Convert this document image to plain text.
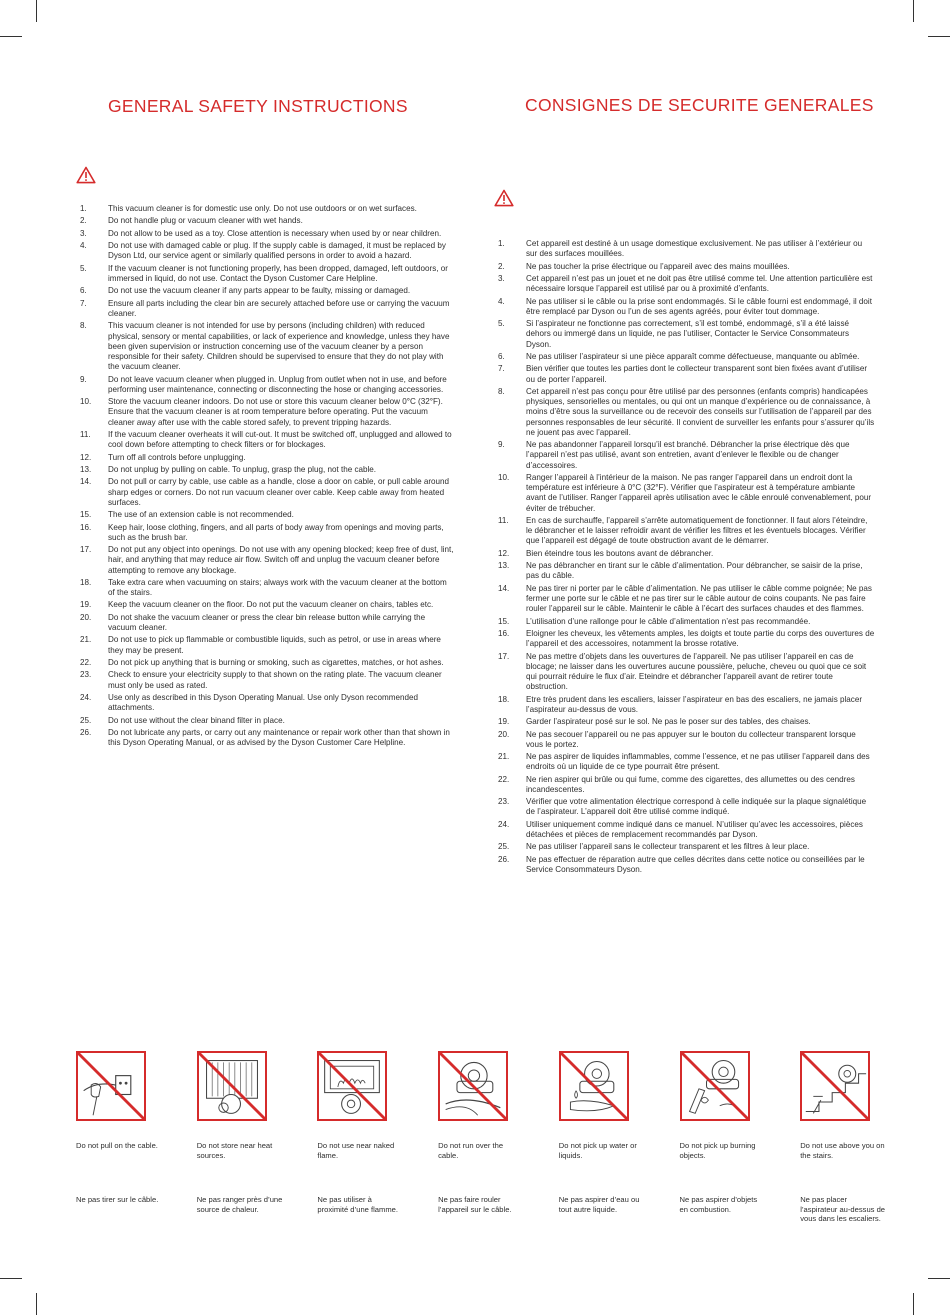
GENERAL SAFETY INSTRUCTIONS	CONSIGNES DE SECURITE GENERALES
1.	This vacuum cleaner is for domestic use only. Do not use outdoors or on wet surfaces.
2.	Do not handle plug or vacuum cleaner with wet hands.
3.	Do not allow to be used as a toy. Close attention is necessary when used by or near children.
4.	Do not use with damaged cable or plug. If the supply cable is damaged, it must be replaced by Dyson Ltd, our service agent or similarly qualified persons in order to avoid a hazard.
5.	If the vacuum cleaner is not functioning properly, has been dropped, damaged, left outdoors, or immersed in liquid, do not use. Contact the Dyson Customer Care Helpline.
6.	Do not use the vacuum cleaner if any parts appear to be faulty, missing or damaged.
7.	Ensure all parts including the clear bin are securely attached before use or carrying the vacuum cleaner.
8.	This vacuum cleaner is not intended for use by persons (including children) with reduced physical, sensory or mental capabilities, or lack of experience and knowledge, unless they have been given supervision or instruction concerning use of the vacuum cleaner by a person responsible for their safety. Children should be supervised to ensure that they do not play with the vacuum cleaner.
9.	Do not leave vacuum cleaner when plugged in. Unplug from outlet when not in use, and before performing user maintenance, connecting or disconnecting the hose or changing accessories.
10.	Store the vacuum cleaner indoors. Do not use or store this vacuum cleaner below 0°C (32°F). Ensure that the vacuum cleaner is at room temperature before operating. Put the vacuum cleaner away after use with the cable stored safely, to prevent tripping hazards.
11.	If the vacuum cleaner overheats it will cut-out. It must be switched off, unplugged and allowed to cool down before attempting to check filters or for blockages.
12.	Turn off all controls before unplugging.
13.	Do not unplug by pulling on cable. To unplug, grasp the plug, not the cable.
14.	Do not pull or carry by cable, use cable as a handle, close a door on cable, or pull cable around sharp edges or corners. Do not run vacuum cleaner over cable. Keep cable away from heated surfaces.
15.	The use of an extension cable is not recommended.
16.	Keep hair, loose clothing, fingers, and all parts of body away from openings and moving parts, such as the brush bar.
17.	Do not put any object into openings. Do not use with any opening blocked; keep free of dust, lint, hair, and anything that may reduce air flow. Switch off and unplug the vacuum cleaner before attempting to remove any blockage.
18.	Take extra care when vacuuming on stairs; always work with the vacuum cleaner at the bottom of the stairs.
19.	Keep the vacuum cleaner on the floor. Do not put the vacuum cleaner on chairs, tables etc.
20.	Do not shake the vacuum cleaner or press the clear bin release button while carrying the vacuum cleaner.
21.	Do not use to pick up flammable or combustible liquids, such as petrol, or use in areas where they may be present.
22.	Do not pick up anything that is burning or smoking, such as cigarettes, matches, or hot ashes.
23.	Check to ensure your electricity supply to that shown on the rating plate. The vacuum cleaner must only be used as rated.
24.	Use only as described in this Dyson Operating Manual. Use only Dyson recommended attachments.
25.	Do not use without the clear binand filter in place.
26.	Do not lubricate any parts, or carry out any maintenance or repair work other than that shown in this Dyson Operating Manual, or as advised by the Dyson Customer Care Helpline.
1.	Cet appareil est destiné à un usage domestique exclusivement. Ne pas utiliser à l’extérieur ou sur des surfaces mouillées.
2.	Ne pas toucher la prise électrique ou l’appareil avec des mains mouillées.
3.	Cet appareil n’est pas un jouet et ne doit pas être utilisé comme tel. Une attention particulière est nécessaire lorsque l’appareil est utilisé par ou à proximité d’enfants.
4.	Ne pas utiliser si le câble ou la prise sont endommagés. Si le câble fourni est endommagé, il doit être remplacé par Dyson ou l’un de ses agents agréés, pour éviter tout dommage.
5.	Si l’aspirateur ne fonctionne pas correctement, s’il est tombé, endommagé, s’il a été laissé dehors ou immergé dans un liquide, ne pas l’utiliser, Contacter le Service Consommateurs Dyson.
6.	Ne pas utiliser l’aspirateur si une pièce apparaît comme défectueuse, manquante ou abîmée.
7.	Bien vérifier que toutes les parties dont le collecteur transparent sont bien fixées avant d’utiliser ou de porter l’appareil.
8.	Cet appareil n’est pas conçu pour être utilisé par des personnes (enfants compris) handicapées physiques, sensorielles ou mentales, ou qui ont un manque d’expérience ou de connaissance, à moins d’être sous la surveillance ou de recevoir des conseils sur l’utilisation de l’appareil par des personnes responsables de leur sécurité. Il convient de surveiller les enfants pour s’assurer qu’ils ne jouent pas avec l’appareil.
9.	Ne pas abandonner l’appareil lorsqu’il est branché. Débrancher la prise électrique dès que l’appareil n’est pas utilisé, avant son entretien, avant d’enlever le flexible ou de changer d’accessoires.
10.	Ranger l’appareil à l’intérieur de la maison. Ne pas ranger l’appareil dans un endroit dont la température est inférieure à 0°C (32°F). Vérifier que l’aspirateur est à température ambiante avant de l’utiliser. Ranger l’appareil après utilisation avec le câble enroulé convenablement, pour éviter de trébucher.
11.	En cas de surchauffe, l’appareil s’arrête automatiquement de fonctionner. Il faut alors l’éteindre, le débrancher et le laisser refroidir avant de vérifier les filtres et les éventuels blocages. Vérifier que l’appareil est dégagé de toute obstruction avant de le démarrer.
12.	Bien éteindre tous les boutons avant de débrancher.
13.	Ne pas débrancher en tirant sur le câble d’alimentation. Pour débrancher, se saisir de la prise, pas du câble.
14.	Ne pas tirer ni porter par le câble d’alimentation. Ne pas utiliser le câble comme poignée; Ne pas fermer une porte sur le câble et ne pas tirer sur le câble autour de coins coupants. Ne pas faire rouler l’appareil sur le câble. Maintenir le câble à l’écart des surfaces chaudes et des flammes.
15.	L’utilisation d’une rallonge pour le câble d’alimentation n’est pas recommandée.
16.	Eloigner les cheveux, les vêtements amples, les doigts et toute partie du corps des ouvertures de l’appareil et des accessoires, notamment la brosse rotative.
17.	Ne pas mettre d’objets dans les ouvertures de l’appareil. Ne pas utiliser l’appareil en cas de blocage; ne laisser dans les ouvertures aucune poussière, peluche, cheveu ou quoi que ce soit qui pourrait réduire le flux d’air. Eteindre et débrancher l’appareil avant de retirer toute obstruction.
18.	Etre très prudent dans les escaliers, laisser l’aspirateur en bas des escaliers, ne jamais placer l’aspirateur au-dessus de vous.
19.	Garder l’aspirateur posé sur le sol. Ne pas le poser sur des tables, des chaises.
20.	Ne pas secouer l’appareil ou ne pas appuyer sur le bouton du collecteur transparent lorsque vous le portez.
21.	Ne pas aspirer de liquides inflammables, comme l’essence, et ne pas utiliser l’appareil dans des endroits où un liquide de ce type pourrait être présent.
22.	Ne rien aspirer qui brûle ou qui fume, comme des cigarettes, des allumettes ou des cendres incandescentes.
23.	Vérifier que votre alimentation électrique correspond à celle indiquée sur la plaque signalétique de l’aspirateur. L’appareil doit être utilisé comme indiqué.
24.	Utiliser uniquement comme indiqué dans ce manuel. N’utiliser qu’avec les accessoires, pièces détachées et pièces de remplacement recommandés par Dyson.
25.	Ne pas utiliser l’appareil sans le collecteur transparent et les filtres à leur place.
26.	Ne pas effectuer de réparation autre que celles décrites dans cette notice ou conseillées par le Service Consommateurs Dyson.
Do not pull on the cable.
Ne pas tirer sur le câble.
Do not store near heat sources.
Ne pas ranger près d’une source de chaleur.
Do not use near naked flame.
Ne pas utiliser à proximité d’une flamme.
Do not run over the cable.
Ne pas faire rouler l’appareil sur le câble.
Do not pick up water or liquids.
Ne pas aspirer d’eau ou tout autre liquide.
Do not pick up burning objects.
Ne pas aspirer d’objets en combustion.
Do not use above you on the stairs.
Ne pas placer l’aspirateur au-dessus de vous dans les escaliers.
